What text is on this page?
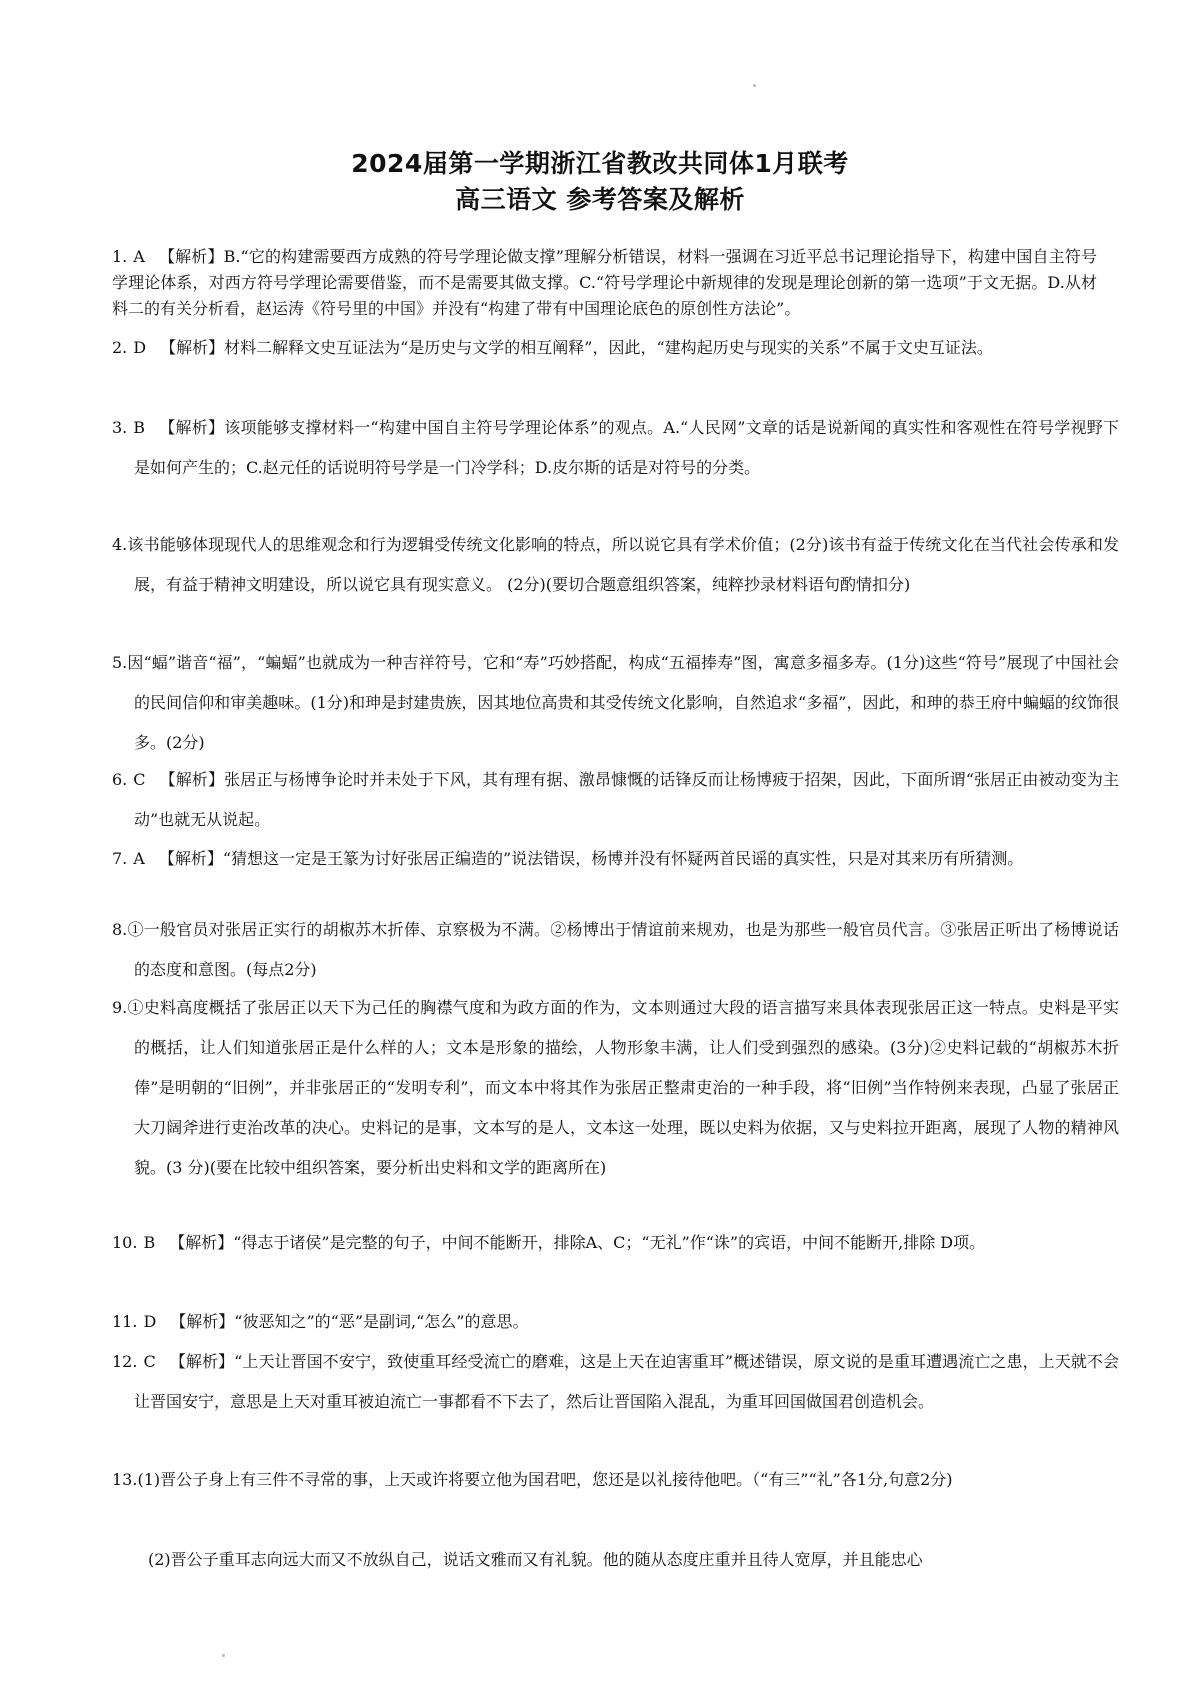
2024届第一学期浙江省教改共同体1月联考
高三语文 参考答案及解析
1. A 【解析】B.“它的构建需要西方成熟的符号学理论做支撑”理解分析错误，材料一强调在习近平总书记理论指导下，构建中国自主符号学理论体系，对西方符号学理论需要借鉴，而不是需要其做支撑。C.“符号学理论中新规律的发现是理论创新的第一选项”于文无据。D.从材料二的有关分析看，赵运涛《符号里的中国》并没有“构建了带有中国理论底色的原创性方法论”。
2. D 【解析】材料二解释文史互证法为“是历史与文学的相互阐释”，因此，“建构起历史与现实的关系”不属于文史互证法。
3. B 【解析】该项能够支撑材料一“构建中国自主符号学理论体系”的观点。A.“人民网”文章的话是说新闻的真实性和客观性在符号学视野下是如何产生的；C.赵元任的话说明符号学是一门冷学科；D.皮尔斯的话是对符号的分类。
4.该书能够体现现代人的思维观念和行为逻辑受传统文化影响的特点，所以说它具有学术价值；(2分)该书有益于传统文化在当代社会传承和发展，有益于精神文明建设，所以说它具有现实意义。 (2分)(要切合题意组织答案，纯粹抄录材料语句酌情扣分)
5.因“蝠”谐音“福”，“蝙蝠”也就成为一种吉祥符号，它和“寿”巧妙搭配，构成“五福捧寿”图，寓意多福多寿。(1分)这些“符号”展现了中国社会的民间信仰和审美趣味。(1分)和珅是封建贵族，因其地位高贵和其受传统文化影响，自然追求“多福”，因此，和珅的恭王府中蝙蝠的纹饰很多。(2分)
6. C 【解析】张居正与杨博争论时并未处于下风，其有理有据、激昂慷慨的话锋反而让杨博疲于招架，因此，下面所谓“张居正由被动变为主动”也就无从说起。
7. A 【解析】“猜想这一定是王篆为讨好张居正编造的”说法错误，杨博并没有怀疑两首民谣的真实性，只是对其来历有所猜测。
8.①一般官员对张居正实行的胡椒苏木折俸、京察极为不满。②杨博出于情谊前来规劝，也是为那些一般官员代言。③张居正听出了杨博说话的态度和意图。(每点2分)
9.①史料高度概括了张居正以天下为己任的胸襟气度和为政方面的作为，文本则通过大段的语言描写来具体表现张居正这一特点。史料是平实的概括，让人们知道张居正是什么样的人；文本是形象的描绘，人物形象丰满，让人们受到强烈的感染。(3分)②史料记载的“胡椒苏木折俸”是明朝的“旧例”，并非张居正的“发明专利”，而文本中将其作为张居正整肃吏治的一种手段，将“旧例”当作特例来表现，凸显了张居正大刀阔斧进行吏治改革的决心。史料记的是事，文本写的是人，文本这一处理，既以史料为依据，又与史料拉开距离，展现了人物的精神风貌。(3 分)(要在比较中组织答案，要分析出史料和文学的距离所在)
10. B 【解析】“得志于诸侯”是完整的句子，中间不能断开，排除A、C；“无礼”作“诛”的宾语，中间不能断开,排除 D项。
11. D 【解析】“彼恶知之”的“恶”是副词,“怎么”的意思。
12. C 【解析】“上天让晋国不安宁，致使重耳经受流亡的磨难，这是上天在迫害重耳”概述错误，原文说的是重耳遭遇流亡之患，上天就不会让晋国安宁，意思是上天对重耳被迫流亡一事都看不下去了，然后让晋国陷入混乱，为重耳回国做国君创造机会。
13.(1)晋公子身上有三件不寻常的事，上天或许将要立他为国君吧，您还是以礼接待他吧。（“有三”“礼”各1分,句意2分)
(2)晋公子重耳志向远大而又不放纵自己，说话文雅而又有礼貌。他的随从态度庄重并且待人宽厚，并且能忠心
